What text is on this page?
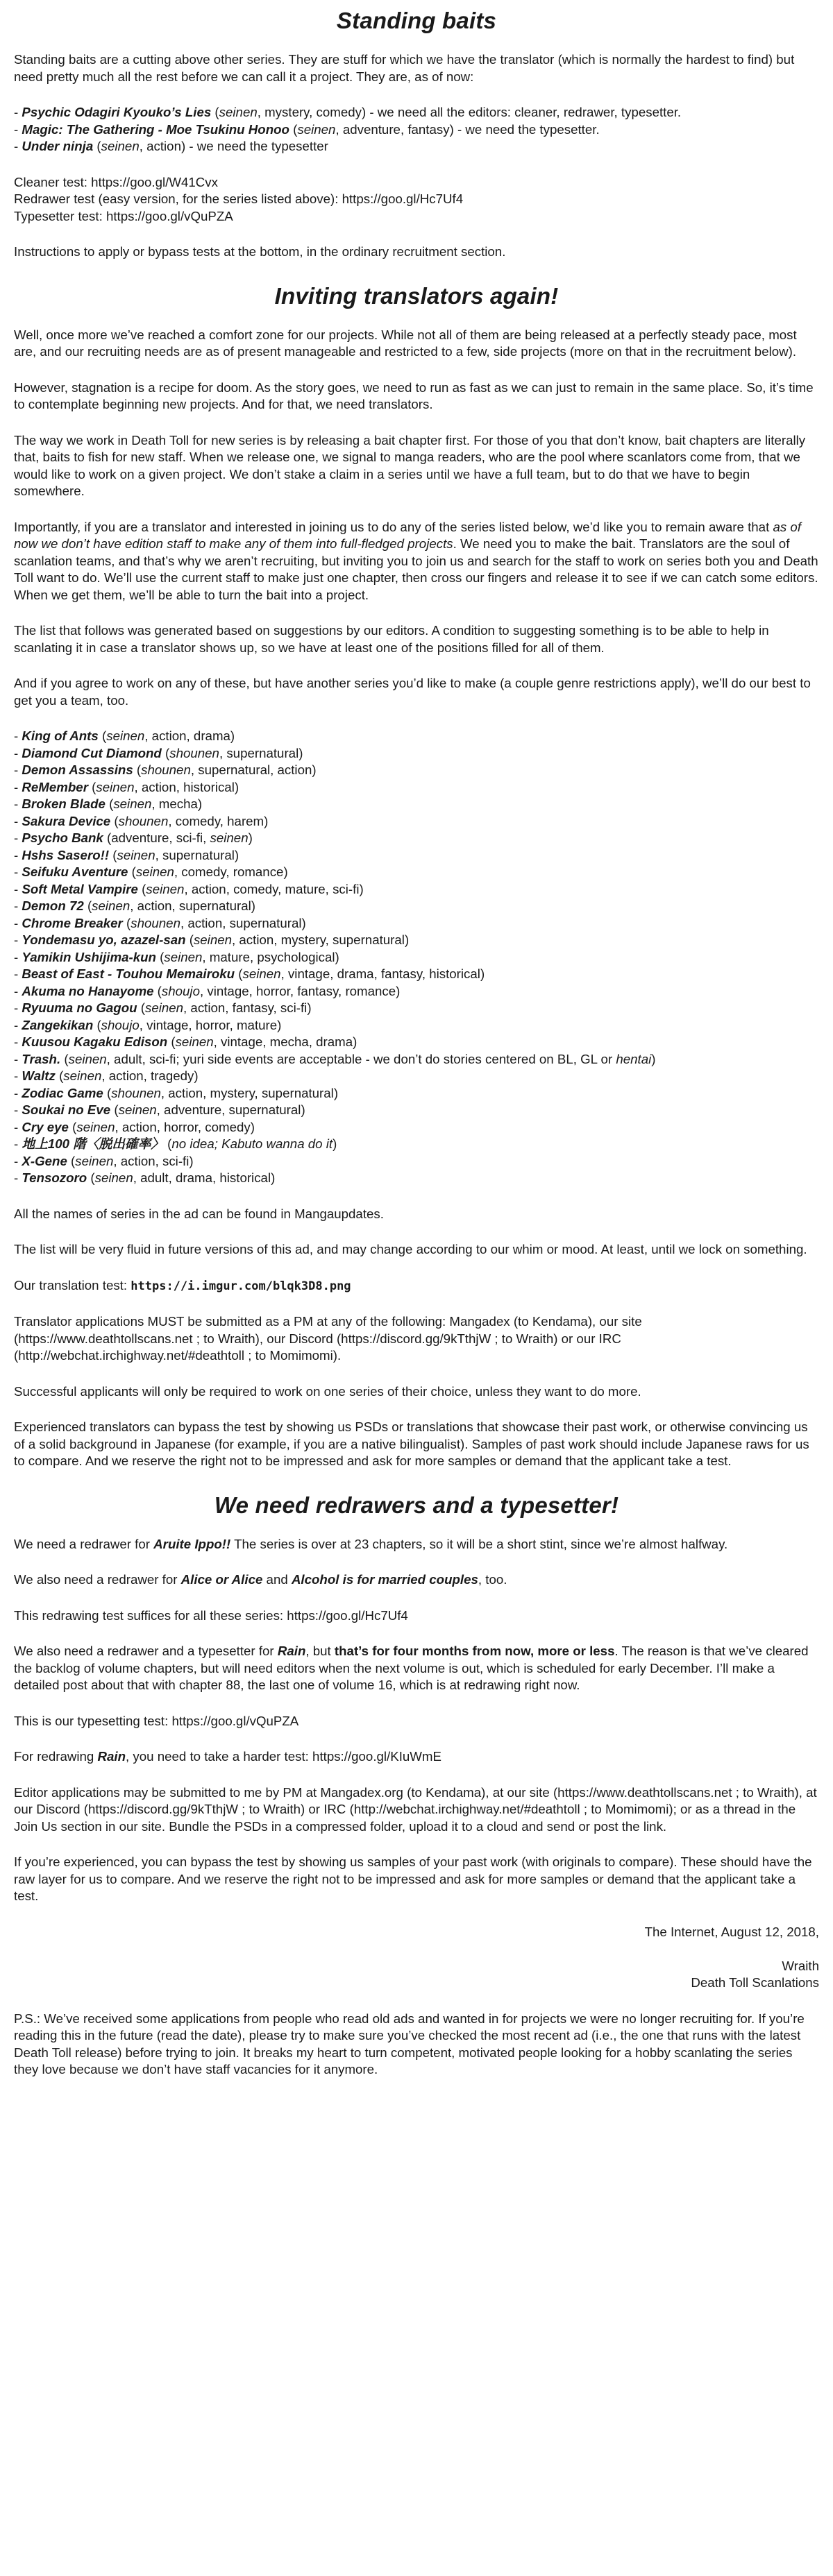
Standing baits

Standing baits are a cutting above other series. They are stuff for which we have the translator (which is normally the hardest to find) but need pretty much all the rest before we can call it a project. They are, as of now:

- Psychic Odagiri Kyouko’s Lies (seinen, mystery, comedy) - we need all the editors: cleaner, redrawer, typesetter.
- Magic: The Gathering - Moe Tsukinu Honoo (seinen, adventure, fantasy) - we need the typesetter.
- Under ninja (seinen, action) - we need the typesetter
Cleaner test: https://goo.gl/W41Cvx
Redrawer test (easy version, for the series listed above): https://goo.gl/Hc7Uf4
Typesetter test: https://goo.gl/vQuPZA

Instructions to apply or bypass tests at the bottom, in the ordinary recruitment section.

Inviting translators again!

Well, once more we’ve reached a comfort zone for our projects. While not all of them are being released at a perfectly steady pace, most are, and our recruiting needs are as of present manageable and restricted to a few, side projects (more on that in the recruitment below).

However, stagnation is a recipe for doom. As the story goes, we need to run as fast as we can just to remain in the same place. So, it’s time to contemplate beginning new projects. And for that, we need translators.

The way we work in Death Toll for new series is by releasing a bait chapter first. For those of you that don’t know, bait chapters are literally that, baits to fish for new staff. When we release one, we signal to manga readers, who are the pool where scanlators come from, that we would like to work on a given project. We don’t stake a claim in a series until we have a full team, but to do that we have to begin somewhere.

Importantly, if you are a translator and interested in joining us to do any of the series listed below, we’d like you to remain aware that as of now we don’t have edition staff to make any of them into full-fledged projects. We need you to make the bait. Translators are the soul of scanlation teams, and that’s why we aren’t recruiting, but inviting you to join us and search for the staff to work on series both you and Death Toll want to do. We’ll use the current staff to make just one chapter, then cross our fingers and release it to see if we can catch some editors. When we get them, we’ll be able to turn the bait into a project.

The list that follows was generated based on suggestions by our editors. A condition to suggesting something is to be able to help in scanlating it in case a translator shows up, so we have at least one of the positions filled for all of them.

And if you agree to work on any of these, but have another series you’d like to make (a couple genre restrictions apply), we’ll do our best to get you a team, too.

- King of Ants (seinen, action, drama)
- Diamond Cut Diamond (shounen, supernatural)
- Demon Assassins (shounen, supernatural, action)
- ReMember (seinen, action, historical)
- Broken Blade (seinen, mecha)
- Sakura Device (shounen, comedy, harem)
- Psycho Bank (adventure, sci-fi, seinen)
- Hshs Sasero!! (seinen, supernatural)
- Seifuku Aventure (seinen, comedy, romance)
- Soft Metal Vampire (seinen, action, comedy, mature, sci-fi)
- Demon 72 (seinen, action, supernatural)
- Chrome Breaker (shounen, action, supernatural)
- Yondemasu yo, azazel-san (seinen, action, mystery, supernatural)
- Yamikin Ushijima-kun (seinen, mature, psychological)
- Beast of East - Touhou Memairoku (seinen, vintage, drama, fantasy, historical)
- Akuma no Hanayome (shoujo, vintage, horror, fantasy, romance)
- Ryuuma no Gagou (seinen, action, fantasy, sci-fi)
- Zangekikan (shoujo, vintage, horror, mature)
- Kuusou Kagaku Edison (seinen, vintage, mecha, drama)
- Trash. (seinen, adult, sci-fi; yuri side events are acceptable - we don’t do stories centered on BL, GL or hentai)
- Waltz (seinen, action, tragedy)
- Zodiac Game (shounen, action, mystery, supernatural)
- Soukai no Eve (seinen, adventure, supernatural)
- Cry eye (seinen, action, horror, comedy)
- 地上100 階〈脱出確率〉 (no idea; Kabuto wanna do it)
- X-Gene (seinen, action, sci-fi)
- Tensozoro (seinen, adult, drama, historical)

All the names of series in the ad can be found in Mangaupdates.

The list will be very fluid in future versions of this ad, and may change according to our whim or mood. At least, until we lock on something.

Our translation test: https://i.imgur.com/blqk3D8.png

Translator applications MUST be submitted as a PM at any of the following: Mangadex (to Kendama), our site (https://www.deathtollscans.net ; to Wraith), our Discord (https://discord.gg/9kTthjW ; to Wraith) or our IRC (http://webchat.irchighway.net/#deathtoll ; to Momimomi).

Successful applicants will only be required to work on one series of their choice, unless they want to do more.

Experienced translators can bypass the test by showing us PSDs or translations that showcase their past work, or otherwise convincing us of a solid background in Japanese (for example, if you are a native bilingualist). Samples of past work should include Japanese raws for us to compare. And we reserve the right not to be impressed and ask for more samples or demand that the applicant take a test.

We need redrawers and a typesetter!

We need a redrawer for Aruite Ippo!! The series is over at 23 chapters, so it will be a short stint, since we’re almost halfway.

We also need a redrawer for Alice or Alice and Alcohol is for married couples, too.

This redrawing test suffices for all these series: https://goo.gl/Hc7Uf4

We also need a redrawer and a typesetter for Rain, but that’s for four months from now, more or less. The reason is that we’ve cleared the backlog of volume chapters, but will need editors when the next volume is out, which is scheduled for early December. I’ll make a detailed post about that with chapter 88, the last one of volume 16, which is at redrawing right now.

This is our typesetting test: https://goo.gl/vQuPZA

For redrawing Rain, you need to take a harder test: https://goo.gl/KIuWmE

Editor applications may be submitted to me by PM at Mangadex.org (to Kendama), at our site (https://www.deathtollscans.net ; to Wraith), at our Discord (https://discord.gg/9kTthjW ; to Wraith) or IRC (http://webchat.irchighway.net/#deathtoll ; to Momimomi); or as a thread in the Join Us section in our site. Bundle the PSDs in a compressed folder, upload it to a cloud and send or post the link.

If you’re experienced, you can bypass the test by showing us samples of your past work (with originals to compare). These should have the raw layer for us to compare. And we reserve the right not to be impressed and ask for more samples or demand that the applicant take a test.

The Internet, August 12, 2018,
Wraith
Death Toll Scanlations

P.S.: We’ve received some applications from people who read old ads and wanted in for projects we were no longer recruiting for. If you’re reading this in the future (read the date), please try to make sure you’ve checked the most recent ad (i.e., the one that runs with the latest Death Toll release) before trying to join. It breaks my heart to turn competent, motivated people looking for a hobby scanlating the series they love because we don’t have staff vacancies for it anymore.
